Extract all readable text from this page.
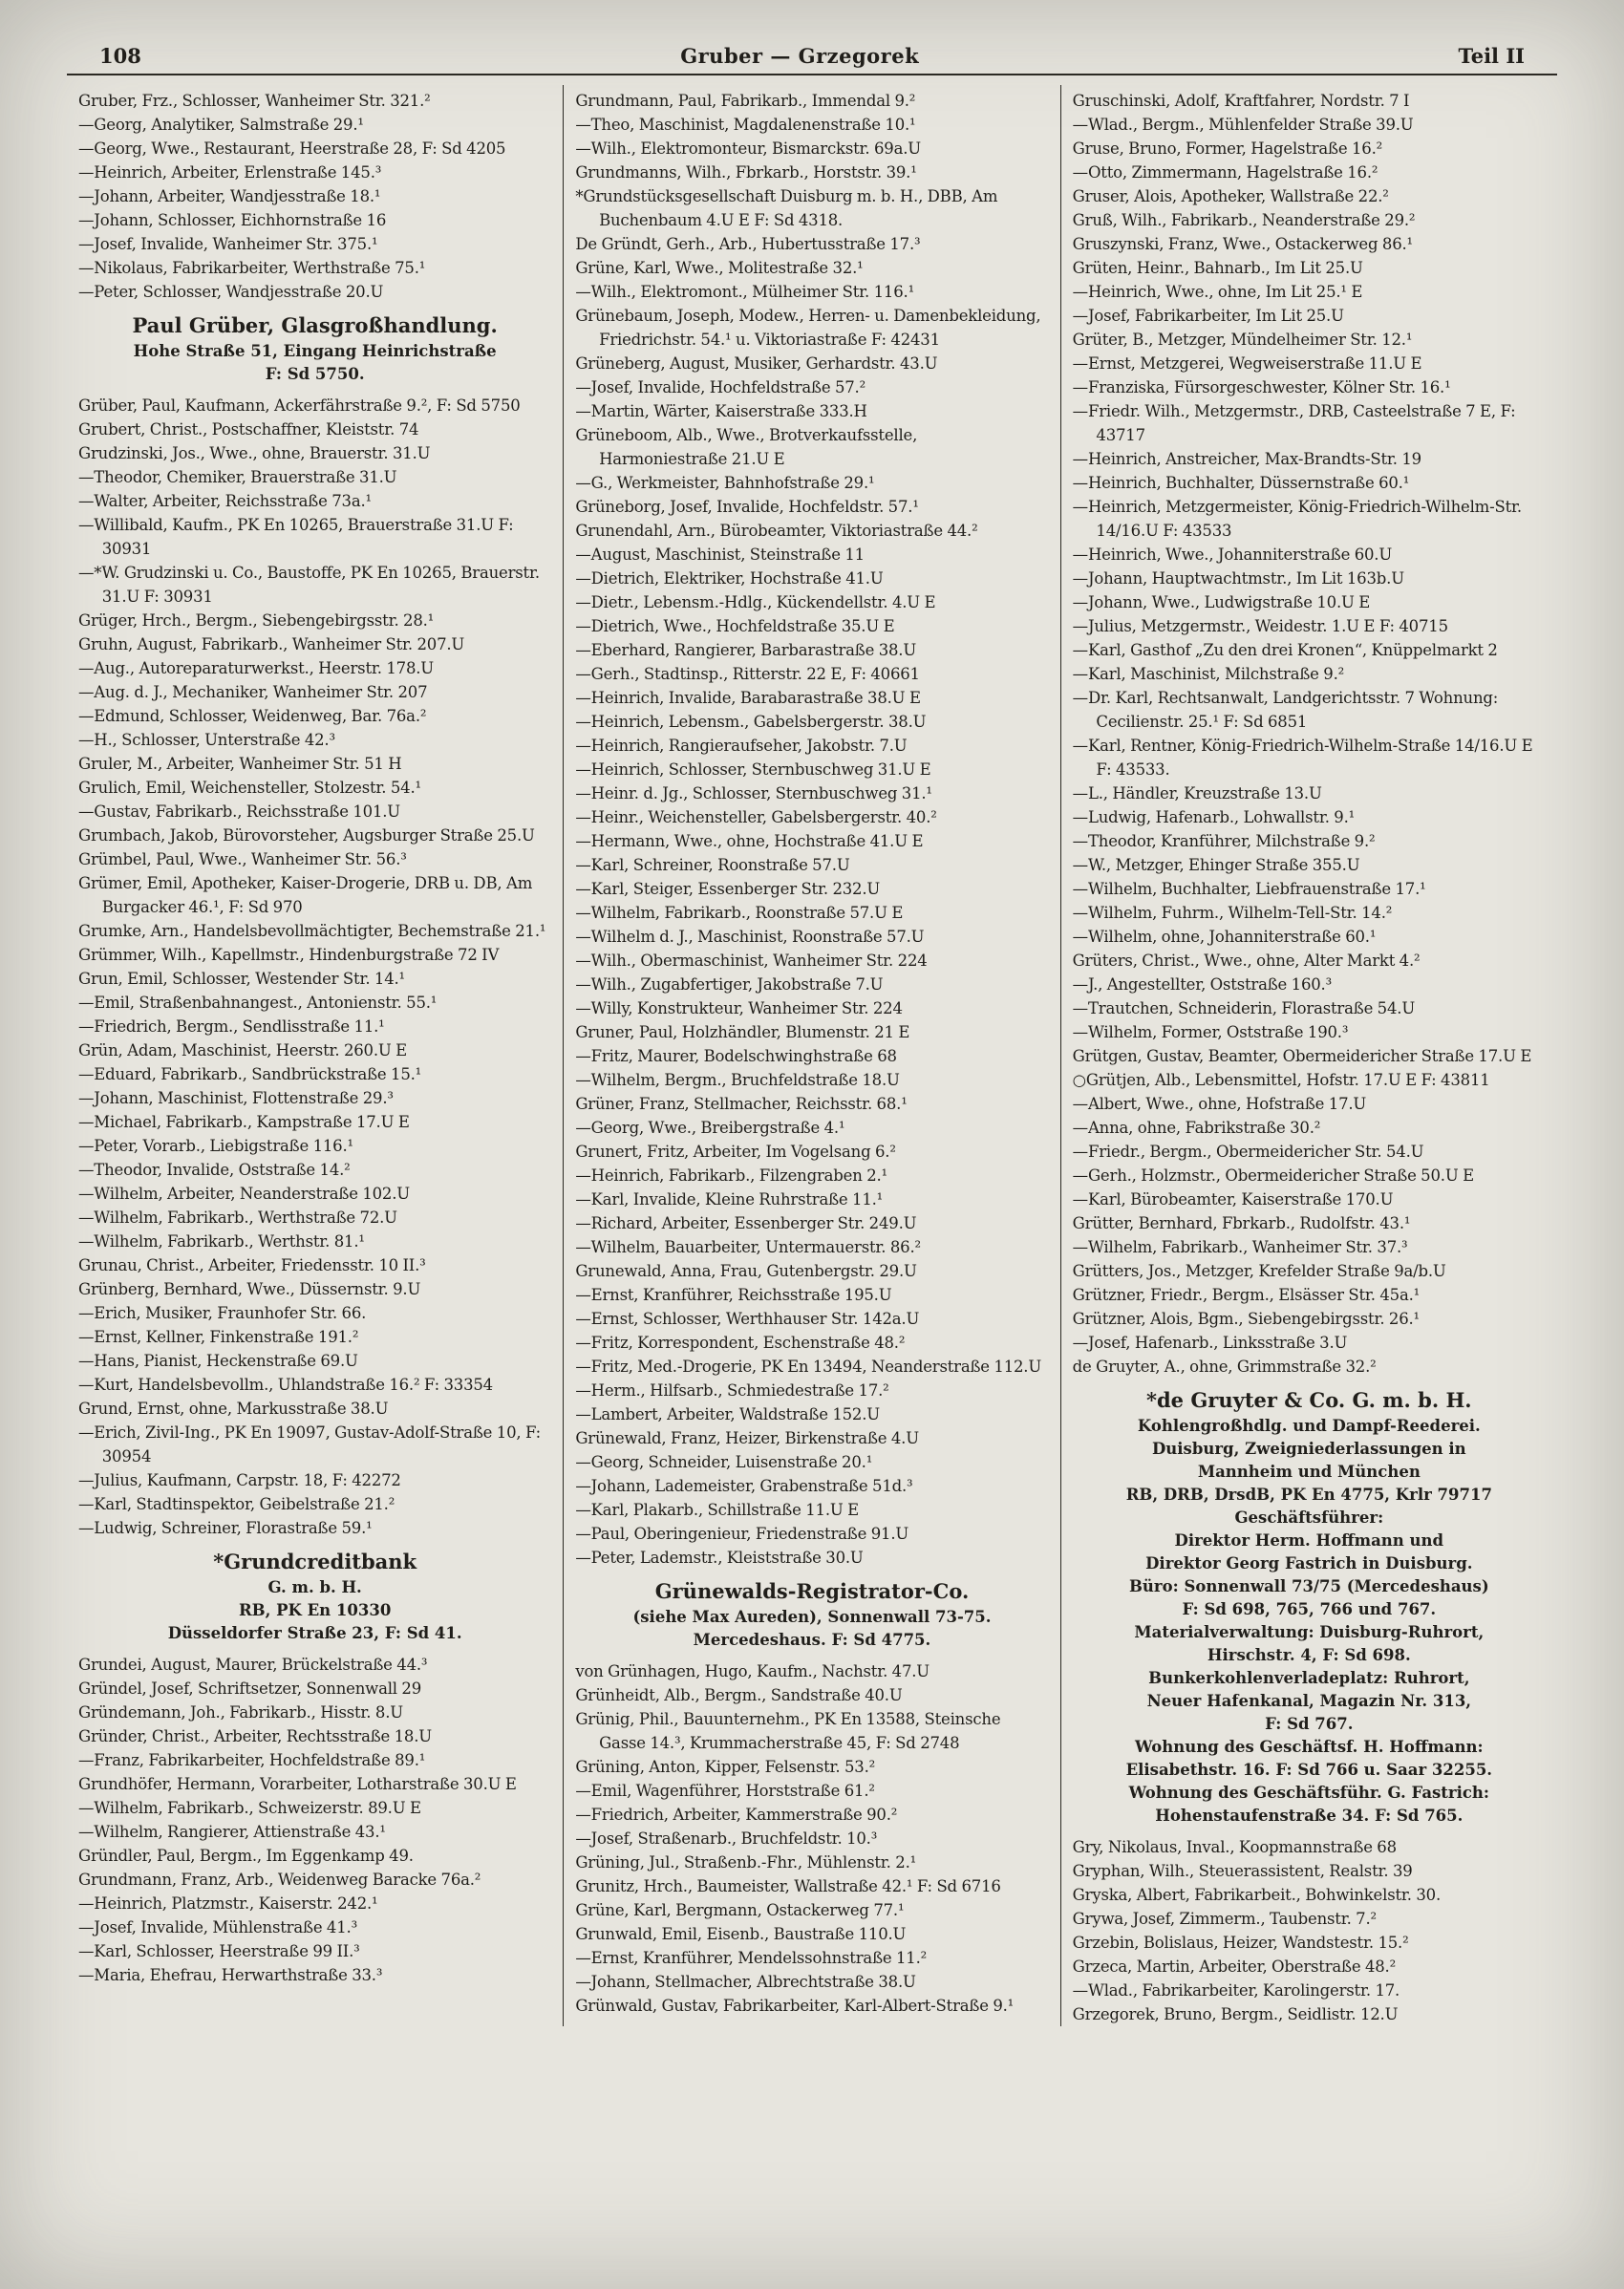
108	Gruber — Grzegorek	Teil II
Gruber, Frz., Schlosser, Wanheimer Str. 321.²
—Georg, Analytiker, Salmstraße 29.¹
—Georg, Wwe., Restaurant, Heerstraße 28, F: Sd 4205
—Heinrich, Arbeiter, Erlenstraße 145.³
—Johann, Arbeiter, Wandjesstraße 18.¹
—Johann, Schlosser, Eichhornstraße 16
—Josef, Invalide, Wanheimer Str. 375.¹
—Nikolaus, Fabrikarbeiter, Werthstraße 75.¹
—Peter, Schlosser, Wandjesstraße 20.U
Paul Grüber, Glasgroßhandlung.
Hohe Straße 51, Eingang Heinrichstraße
F: Sd 5750.
Grüber, Paul, Kaufmann, Ackerfährstraße 9.², F: Sd 5750
Grubert, Christ., Postschaffner, Kleiststr. 74
Grudzinski, Jos., Wwe., ohne, Brauerstr. 31.U
—Theodor, Chemiker, Brauerstraße 31.U
—Walter, Arbeiter, Reichsstraße 73a.¹
—Willibald, Kaufm., PK En 10265, Brauerstraße 31.U F: 30931
—*W. Grudzinski u. Co., Baustoffe, PK En 10265, Brauerstr. 31.U F: 30931
Grüger, Hrch., Bergm., Siebengebirgsstr. 28.¹
Gruhn, August, Fabrikarb., Wanheimer Str. 207.U
—Aug., Autoreparaturwerkst., Heerstr. 178.U
—Aug. d. J., Mechaniker, Wanheimer Str. 207
—Edmund, Schlosser, Weidenweg, Bar. 76a.²
—H., Schlosser, Unterstraße 42.³
Gruler, M., Arbeiter, Wanheimer Str. 51 H
Grulich, Emil, Weichensteller, Stolzestr. 54.¹
—Gustav, Fabrikarb., Reichsstraße 101.U
Grumbach, Jakob, Bürovorsteher, Augsburger Straße 25.U
Grümbel, Paul, Wwe., Wanheimer Str. 56.³
Grümer, Emil, Apotheker, Kaiser-Drogerie, DRB u. DB, Am Burgacker 46.¹, F: Sd 970
Grumke, Arn., Handelsbevollmächtigter, Bechemstraße 21.¹
Grümmer, Wilh., Kapellmstr., Hindenburgstraße 72 IV
Grun, Emil, Schlosser, Westender Str. 14.¹
—Emil, Straßenbahnangest., Antonienstr. 55.¹
—Friedrich, Bergm., Sendlisstraße 11.¹
Grün, Adam, Maschinist, Heerstr. 260.U E
—Eduard, Fabrikarb., Sandbrückstraße 15.¹
—Johann, Maschinist, Flottenstraße 29.³
—Michael, Fabrikarb., Kampstraße 17.U E
—Peter, Vorarb., Liebigstraße 116.¹
—Theodor, Invalide, Oststraße 14.²
—Wilhelm, Arbeiter, Neanderstraße 102.U
—Wilhelm, Fabrikarb., Werthstraße 72.U
—Wilhelm, Fabrikarb., Werthstr. 81.¹
Grunau, Christ., Arbeiter, Friedensstr. 10 II.³
Grünberg, Bernhard, Wwe., Düssernstr. 9.U
—Erich, Musiker, Fraunhofer Str. 66.
—Ernst, Kellner, Finkenstraße 191.²
—Hans, Pianist, Heckenstraße 69.U
—Kurt, Handelsbevollm., Uhlandstraße 16.² F: 33354
Grund, Ernst, ohne, Markusstraße 38.U
—Erich, Zivil-Ing., PK En 19097, Gustav-Adolf-Straße 10, F: 30954
—Julius, Kaufmann, Carpstr. 18, F: 42272
—Karl, Stadtinspektor, Geibelstraße 21.²
—Ludwig, Schreiner, Florastraße 59.¹
*Grundcreditbank
G. m. b. H.
RB, PK En 10330
Düsseldorfer Straße 23, F: Sd 41.
Grundei, August, Maurer, Brückelstraße 44.³
Gründel, Josef, Schriftsetzer, Sonnenwall 29
Gründemann, Joh., Fabrikarb., Hisstr. 8.U
Gründer, Christ., Arbeiter, Rechtsstraße 18.U
—Franz, Fabrikarbeiter, Hochfeldstraße 89.¹
Grundhöfer, Hermann, Vorarbeiter, Lotharstraße 30.U E
—Wilhelm, Fabrikarb., Schweizerstr. 89.U E
—Wilhelm, Rangierer, Attienstraße 43.¹
Gründler, Paul, Bergm., Im Eggenkamp 49.
Grundmann, Franz, Arb., Weidenweg Baracke 76a.²
—Heinrich, Platzmstr., Kaiserstr. 242.¹
—Josef, Invalide, Mühlenstraße 41.³
—Karl, Schlosser, Heerstraße 99 II.³
—Maria, Ehefrau, Herwarthstraße 33.³
Grundmann, Paul, Fabrikarb., Immendal 9.²
—Theo, Maschinist, Magdalenenstraße 10.¹
—Wilh., Elektromonteur, Bismarckstr. 69a.U
Grundmanns, Wilh., Fbrkarb., Horststr. 39.¹
*Grundstücksgesellschaft Duisburg m. b. H., DBB, Am Buchenbaum 4.U E F: Sd 4318.
De Gründt, Gerh., Arb., Hubertusstraße 17.³
Grüne, Karl, Wwe., Molitestraße 32.¹
—Wilh., Elektromont., Mülheimer Str. 116.¹
Grünebaum, Joseph, Modew., Herren- u. Damenbekleidung, Friedrichstr. 54.¹ u. Viktoriastraße F: 42431
Grüneberg, August, Musiker, Gerhardstr. 43.U
—Josef, Invalide, Hochfeldstraße 57.²
—Martin, Wärter, Kaiserstraße 333.H
Grüneboom, Alb., Wwe., Brotverkaufsstelle, Harmoniestraße 21.U E
—G., Werkmeister, Bahnhofstraße 29.¹
Grüneborg, Josef, Invalide, Hochfeldstr. 57.¹
Grunendahl, Arn., Bürobeamter, Viktoriastraße 44.²
—August, Maschinist, Steinstraße 11
—Dietrich, Elektriker, Hochstraße 41.U
—Dietr., Lebensm.-Hdlg., Kückendellstr. 4.U E
—Dietrich, Wwe., Hochfeldstraße 35.U E
—Eberhard, Rangierer, Barbarastraße 38.U
—Gerh., Stadtinsp., Ritterstr. 22 E, F: 40661
—Heinrich, Invalide, Barabarastraße 38.U E
—Heinrich, Lebensm., Gabelsbergerstr. 38.U
—Heinrich, Rangieraufseher, Jakobstr. 7.U
—Heinrich, Schlosser, Sternbuschweg 31.U E
—Heinr. d. Jg., Schlosser, Sternbuschweg 31.¹
—Heinr., Weichensteller, Gabelsbergerstr. 40.²
—Hermann, Wwe., ohne, Hochstraße 41.U E
—Karl, Schreiner, Roonstraße 57.U
—Karl, Steiger, Essenberger Str. 232.U
—Wilhelm, Fabrikarb., Roonstraße 57.U E
—Wilhelm d. J., Maschinist, Roonstraße 57.U
—Wilh., Obermaschinist, Wanheimer Str. 224
—Wilh., Zugabfertiger, Jakobstraße 7.U
—Willy, Konstrukteur, Wanheimer Str. 224
Gruner, Paul, Holzhändler, Blumenstr. 21 E
—Fritz, Maurer, Bodelschwinghstraße 68
—Wilhelm, Bergm., Bruchfeldstraße 18.U
Grüner, Franz, Stellmacher, Reichsstr. 68.¹
—Georg, Wwe., Breibergstraße 4.¹
Grunert, Fritz, Arbeiter, Im Vogelsang 6.²
—Heinrich, Fabrikarb., Filzengraben 2.¹
—Karl, Invalide, Kleine Ruhrstraße 11.¹
—Richard, Arbeiter, Essenberger Str. 249.U
—Wilhelm, Bauarbeiter, Untermauerstr. 86.²
Grunewald, Anna, Frau, Gutenbergstr. 29.U
—Ernst, Kranführer, Reichsstraße 195.U
—Ernst, Schlosser, Werthhauser Str. 142a.U
—Fritz, Korrespondent, Eschenstraße 48.²
—Fritz, Med.-Drogerie, PK En 13494, Neanderstraße 112.U
—Herm., Hilfsarb., Schmiedestraße 17.²
—Lambert, Arbeiter, Waldstraße 152.U
Grünewald, Franz, Heizer, Birkenstraße 4.U
—Georg, Schneider, Luisenstraße 20.¹
—Johann, Lademeister, Grabenstraße 51d.³
—Karl, Plakarb., Schillstraße 11.U E
—Paul, Oberingenieur, Friedenstraße 91.U
—Peter, Lademstr., Kleiststraße 30.U
Grünewalds-Registrator-Co.
(siehe Max Aureden), Sonnenwall 73-75.
Mercedeshaus. F: Sd 4775.
von Grünhagen, Hugo, Kaufm., Nachstr. 47.U
Grünheidt, Alb., Bergm., Sandstraße 40.U
Grünig, Phil., Bauunternehm., PK En 13588, Steinsche Gasse 14.³, Krummacherstraße 45, F: Sd 2748
Grüning, Anton, Kipper, Felsenstr. 53.²
—Emil, Wagenführer, Horststraße 61.²
—Friedrich, Arbeiter, Kammerstraße 90.²
—Josef, Straßenarb., Bruchfeldstr. 10.³
Grüning, Jul., Straßenb.-Fhr., Mühlenstr. 2.¹
Grunitz, Hrch., Baumeister, Wallstraße 42.¹ F: Sd 6716
Grüne, Karl, Bergmann, Ostackerweg 77.¹
Grunwald, Emil, Eisenb., Baustraße 110.U
—Ernst, Kranführer, Mendelssohnstraße 11.²
—Johann, Stellmacher, Albrechtstraße 38.U
Grünwald, Gustav, Fabrikarbeiter, Karl-Albert-Straße 9.¹
Gruschinski, Adolf, Kraftfahrer, Nordstr. 7 I
—Wlad., Bergm., Mühlenfelder Straße 39.U
Gruse, Bruno, Former, Hagelstraße 16.²
—Otto, Zimmermann, Hagelstraße 16.²
Gruser, Alois, Apotheker, Wallstraße 22.²
Gruß, Wilh., Fabrikarb., Neanderstraße 29.²
Gruszynski, Franz, Wwe., Ostackerweg 86.¹
Grüten, Heinr., Bahnarb., Im Lit 25.U
—Heinrich, Wwe., ohne, Im Lit 25.¹ E
—Josef, Fabrikarbeiter, Im Lit 25.U
Grüter, B., Metzger, Mündelheimer Str. 12.¹
—Ernst, Metzgerei, Wegweiserstraße 11.U E
—Franziska, Fürsorgeschwester, Kölner Str. 16.¹
—Friedr. Wilh., Metzgermstr., DRB, Casteelstraße 7 E, F: 43717
—Heinrich, Anstreicher, Max-Brandts-Str. 19
—Heinrich, Buchhalter, Düssernstraße 60.¹
—Heinrich, Metzgermeister, König-Friedrich-Wilhelm-Str. 14/16.U F: 43533
—Heinrich, Wwe., Johanniterstraße 60.U
—Johann, Hauptwachtmstr., Im Lit 163b.U
—Johann, Wwe., Ludwigstraße 10.U E
—Julius, Metzgermstr., Weidestr. 1.U E F: 40715
—Karl, Gasthof „Zu den drei Kronen“, Knüppelmarkt 2
—Karl, Maschinist, Milchstraße 9.²
—Dr. Karl, Rechtsanwalt, Landgerichtsstr. 7 Wohnung: Cecilienstr. 25.¹ F: Sd 6851
—Karl, Rentner, König-Friedrich-Wilhelm-Straße 14/16.U E F: 43533.
—L., Händler, Kreuzstraße 13.U
—Ludwig, Hafenarb., Lohwallstr. 9.¹
—Theodor, Kranführer, Milchstraße 9.²
—W., Metzger, Ehinger Straße 355.U
—Wilhelm, Buchhalter, Liebfrauenstraße 17.¹
—Wilhelm, Fuhrm., Wilhelm-Tell-Str. 14.²
—Wilhelm, ohne, Johanniterstraße 60.¹
Grüters, Christ., Wwe., ohne, Alter Markt 4.²
—J., Angestellter, Oststraße 160.³
—Trautchen, Schneiderin, Florastraße 54.U
—Wilhelm, Former, Oststraße 190.³
Grütgen, Gustav, Beamter, Obermeidericher Straße 17.U E
○Grütjen, Alb., Lebensmittel, Hofstr. 17.U E F: 43811
—Albert, Wwe., ohne, Hofstraße 17.U
—Anna, ohne, Fabrikstraße 30.²
—Friedr., Bergm., Obermeidericher Str. 54.U
—Gerh., Holzmstr., Obermeidericher Straße 50.U E
—Karl, Bürobeamter, Kaiserstraße 170.U
Grütter, Bernhard, Fbrkarb., Rudolfstr. 43.¹
—Wilhelm, Fabrikarb., Wanheimer Str. 37.³
Grütters, Jos., Metzger, Krefelder Straße 9a/b.U
Grützner, Friedr., Bergm., Elsässer Str. 45a.¹
Grützner, Alois, Bgm., Siebengebirgsstr. 26.¹
—Josef, Hafenarb., Linksstraße 3.U
de Gruyter, A., ohne, Grimmstraße 32.²
*de Gruyter & Co. G. m. b. H.
Kohlengroßhdlg. und Dampf-Reederei.
Duisburg, Zweigniederlassungen in
Mannheim und München
RB, DRB, DrsdB, PK En 4775, Krlr 79717
Geschäftsführer:
Direktor Herm. Hoffmann und
Direktor Georg Fastrich in Duisburg.
Büro: Sonnenwall 73/75 (Mercedeshaus)
F: Sd 698, 765, 766 und 767.
Materialverwaltung: Duisburg-Ruhrort,
Hirschstr. 4, F: Sd 698.
Bunkerkohlenverladeplatz: Ruhrort,
Neuer Hafenkanal, Magazin Nr. 313,
F: Sd 767.
Wohnung des Geschäftsf. H. Hoffmann:
Elisabethstr. 16. F: Sd 766 u. Saar 32255.
Wohnung des Geschäftsführ. G. Fastrich:
Hohenstaufenstraße 34. F: Sd 765.
Gry, Nikolaus, Inval., Koopmannstraße 68
Gryphan, Wilh., Steuerassistent, Realstr. 39
Gryska, Albert, Fabrikarbeit., Bohwinkelstr. 30.
Grywa, Josef, Zimmerm., Taubenstr. 7.²
Grzebin, Bolislaus, Heizer, Wandstestr. 15.²
Grzeca, Martin, Arbeiter, Oberstraße 48.²
—Wlad., Fabrikarbeiter, Karolingerstr. 17.
Grzegorek, Bruno, Bergm., Seidlistr. 12.U
